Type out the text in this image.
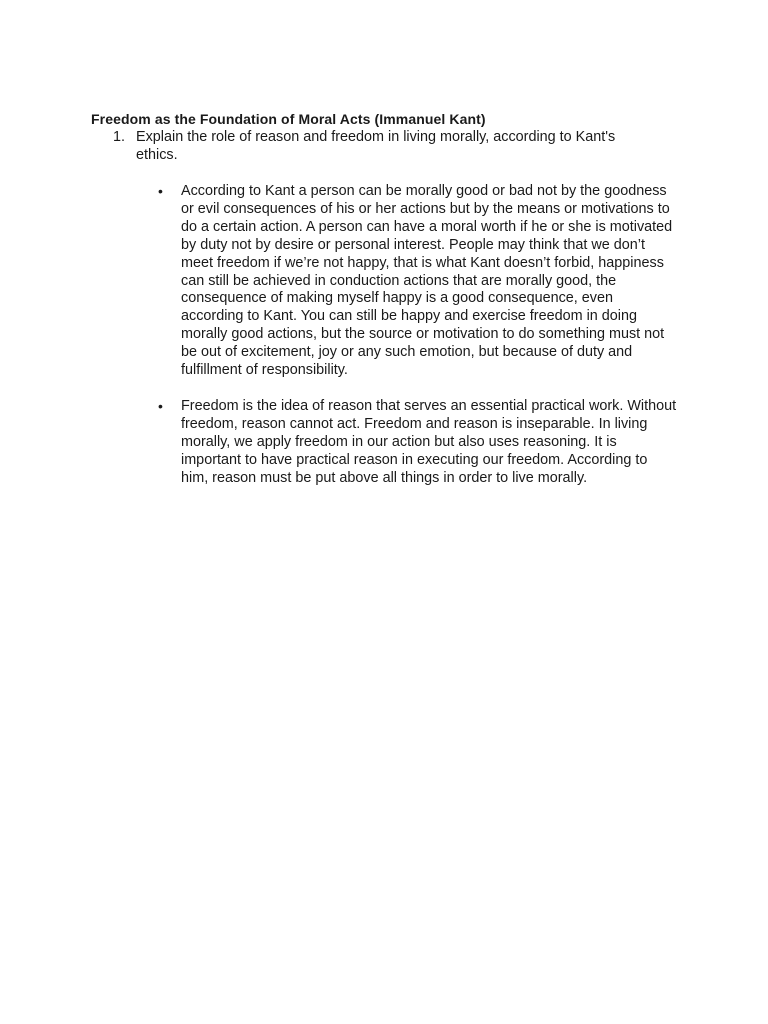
Freedom as the Foundation of Moral Acts (Immanuel Kant)
1. Explain the role of reason and freedom in living morally, according to Kant's ethics.
• According to Kant a person can be morally good or bad not by the goodness or evil consequences of his or her actions but by the means or motivations to do a certain action. A person can have a moral worth if he or she is motivated by duty not by desire or personal interest. People may think that we don’t meet freedom if we’re not happy, that is what Kant doesn’t forbid, happiness can still be achieved in conduction actions that are morally good, the consequence of making myself happy is a good consequence, even according to Kant. You can still be happy and exercise freedom in doing morally good actions, but the source or motivation to do something must not be out of excitement, joy or any such emotion, but because of duty and fulfillment of responsibility.
• Freedom is the idea of reason that serves an essential practical work. Without freedom, reason cannot act. Freedom and reason is inseparable. In living morally, we apply freedom in our action but also uses reasoning. It is important to have practical reason in executing our freedom. According to him, reason must be put above all things in order to live morally.
